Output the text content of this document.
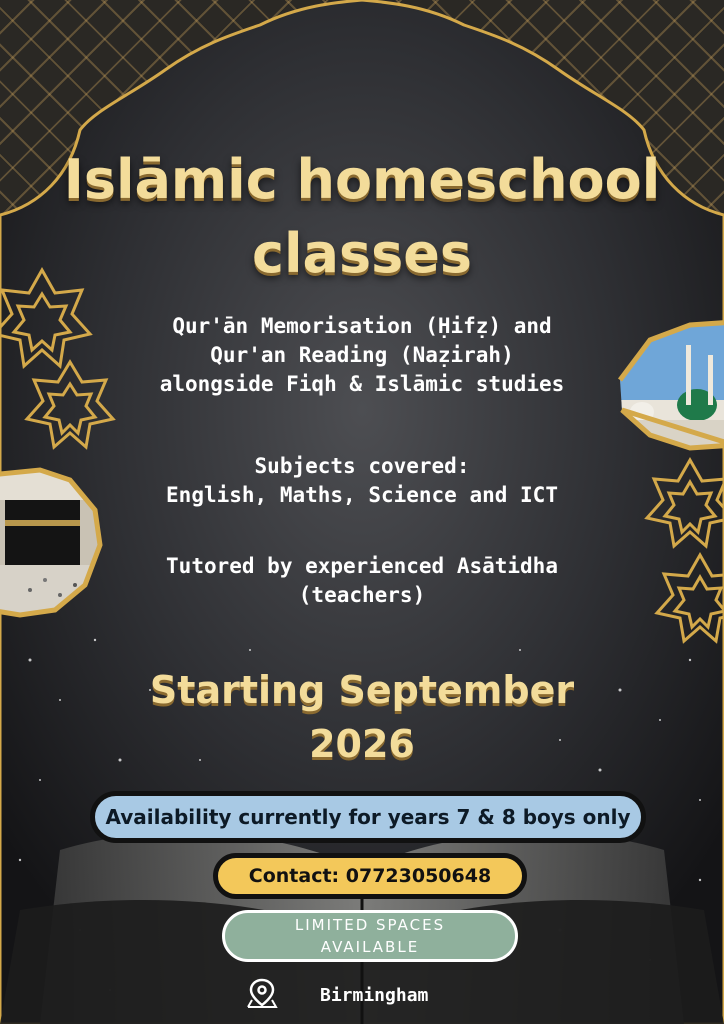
Islāmic homeschool
classes
Qur'ān Memorisation (Ḥifẓ) and
Qur'an Reading (Naẓirah)
alongside Fiqh & Islāmic studies
Subjects covered:
English, Maths, Science and ICT
Tutored by experienced Asātidha
(teachers)
Starting September
2026
Availability currently for years 7 & 8 boys only
Contact: 07723050648
LIMITED SPACES
AVAILABLE
Birmingham
